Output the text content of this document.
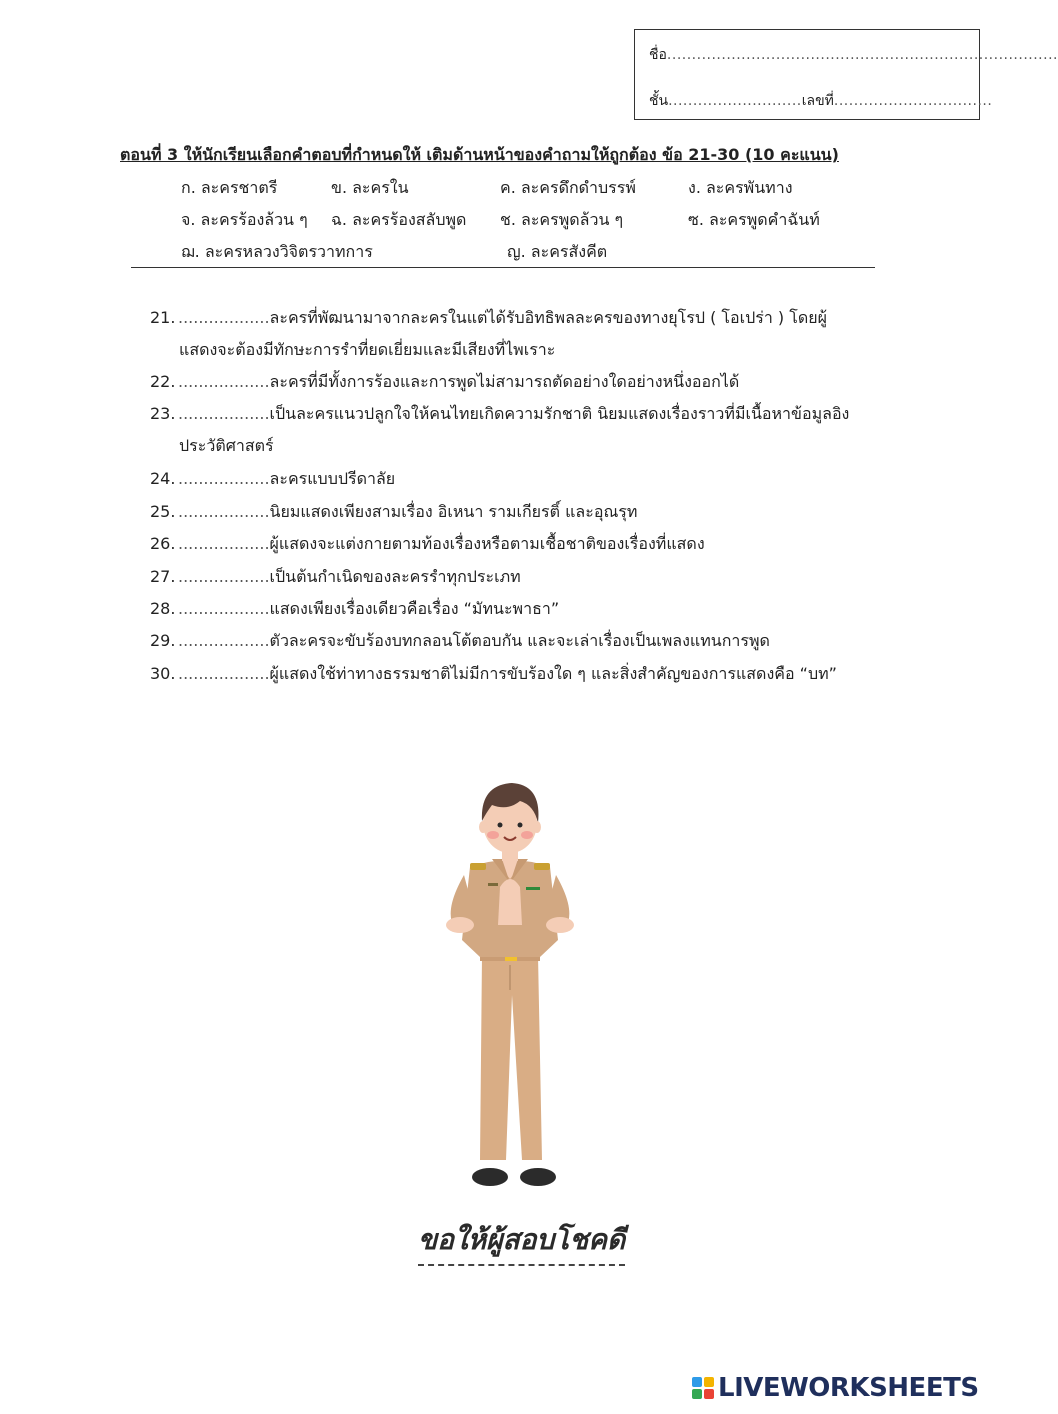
ชื่อ...............................................................................
ชั้น...........................เลขที่................................
ตอนที่ 3 ให้นักเรียนเลือกคำตอบที่กำหนดให้ เติมด้านหน้าของคำถามให้ถูกต้อง ข้อ 21-30 (10 คะแนน)
ก. ละครชาตรี	ข. ละครใน	ค. ละครดึกดำบรรพ์	ง. ละครพันทาง
จ. ละครร้องล้วน ๆ ฉ. ละครร้องสลับพูด ช. ละครพูดล้วน ๆ	ซ. ละครพูดคำฉันท์
ฌ. ละครหลวงวิจิตรวาทการ	ญ. ละครสังคีต
21. ..................ละครที่พัฒนามาจากละครในแต่ได้รับอิทธิพลละครของทางยุโรป ( โอเปร่า ) โดยผู้
แสดงจะต้องมีทักษะการรำที่ยดเยี่ยมและมีเสียงที่ไพเราะ
22. ..................ละครที่มีทั้งการร้องและการพูดไม่สามารถตัดอย่างใดอย่างหนึ่งออกได้
23. ..................เป็นละครแนวปลูกใจให้คนไทยเกิดความรักชาติ นิยมแสดงเรื่องราวที่มีเนื้อหาข้อมูลอิง
ประวัติศาสตร์
24. ..................ละครแบบปรีดาลัย
25. ..................นิยมแสดงเพียงสามเรื่อง อิเหนา รามเกียรติ์ และอุณรุท
26. ..................ผู้แสดงจะแต่งกายตามท้องเรื่องหรือตามเชื้อชาติของเรื่องที่แสดง
27. ..................เป็นต้นกำเนิดของละครรำทุกประเภท
28. ..................แสดงเพียงเรื่องเดียวคือเรื่อง “มัทนะพาธา”
29. ..................ตัวละครจะขับร้องบทกลอนโต้ตอบกัน และจะเล่าเรื่องเป็นเพลงแทนการพูด
30. ..................ผู้แสดงใช้ท่าทางธรรมชาติไม่มีการขับร้องใด ๆ และสิ่งสำคัญของการแสดงคือ “บท”
ขอให้ผู้สอบโชคดี
LIVEWORKSHEETS
